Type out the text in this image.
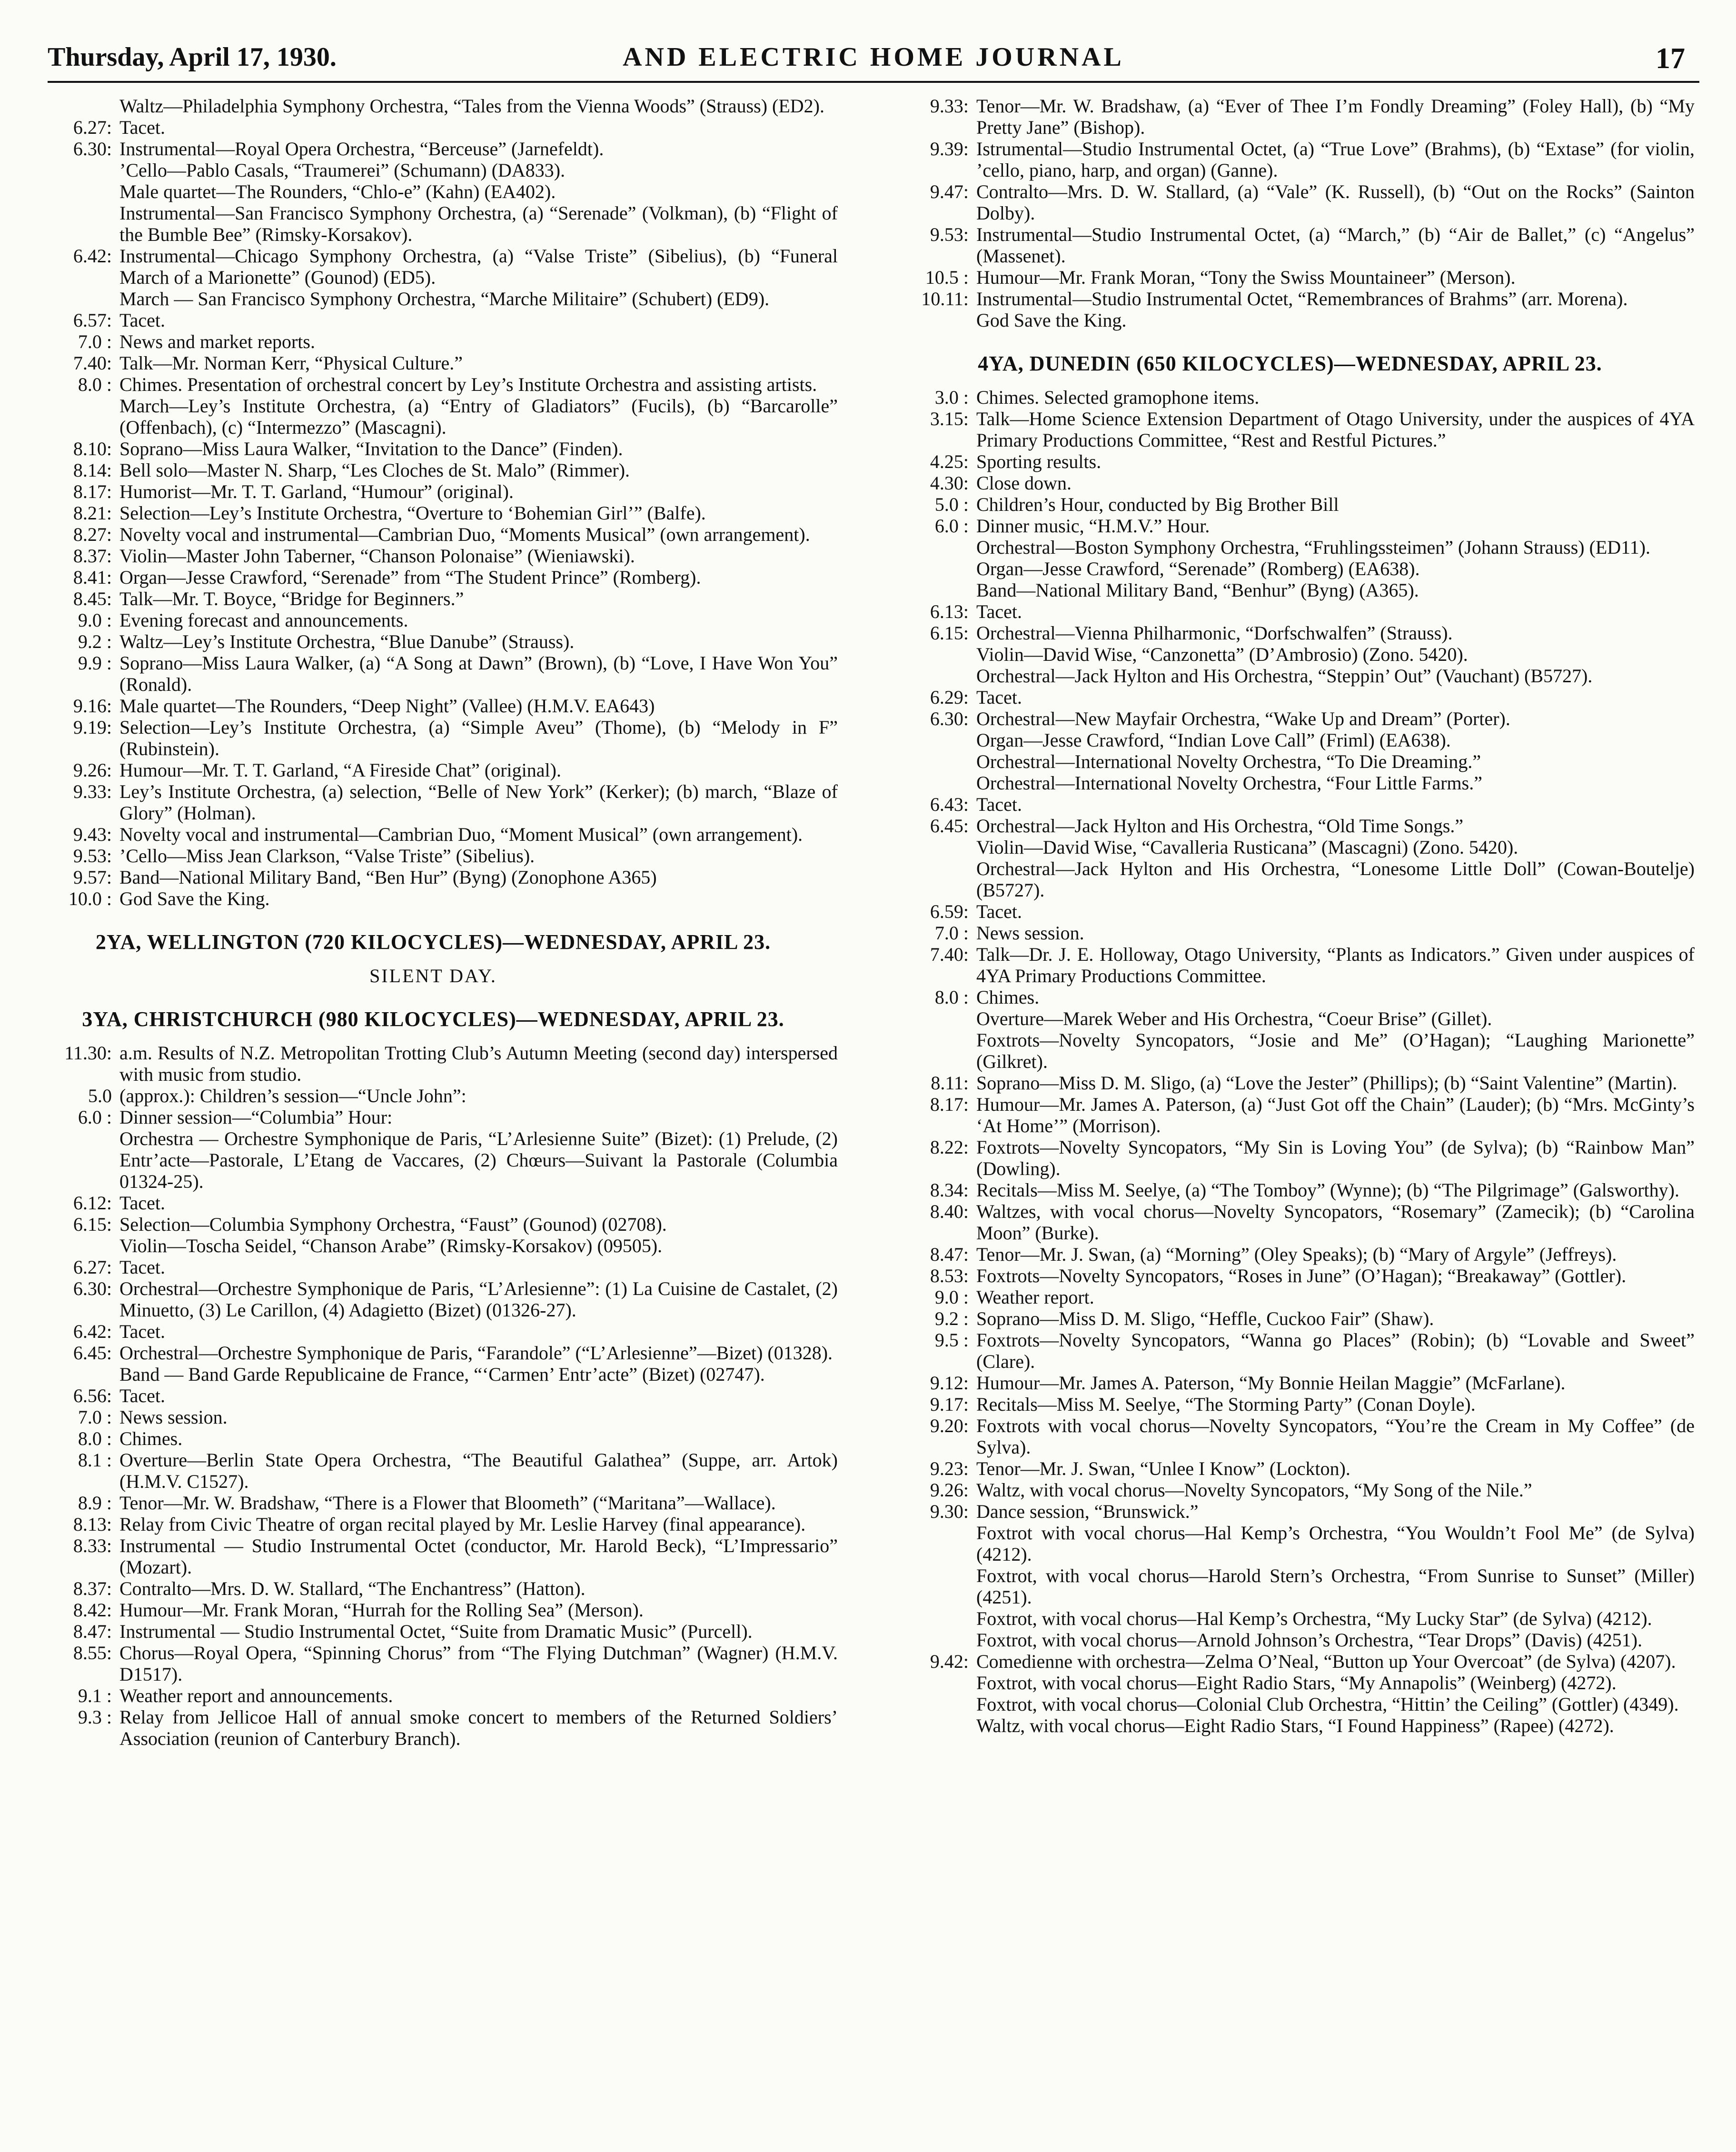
Thursday, April 17, 1930.	AND ELECTRIC HOME JOURNAL	17
Waltz—Philadelphia Symphony Orchestra, “Tales from the Vienna Woods” (Strauss) (ED2).
6.27: Tacet.
6.30: Instrumental—Royal Opera Orchestra, “Berceuse” (Jarnefeldt).
’Cello—Pablo Casals, “Traumerei” (Schumann) (DA833).
Male quartet—The Rounders, “Chlo-e” (Kahn) (EA402).
Instrumental—San Francisco Symphony Orchestra, (a) “Serenade” (Volkman), (b) “Flight of the Bumble Bee” (Rimsky-Korsakov).
6.42: Instrumental—Chicago Symphony Orchestra, (a) “Valse Triste” (Sibelius), (b) “Funeral March of a Marionette” (Gounod) (ED5).
March — San Francisco Symphony Orchestra, “Marche Militaire” (Schubert) (ED9).
6.57: Tacet.
7.0 : News and market reports.
7.40: Talk—Mr. Norman Kerr, “Physical Culture.”
8.0 : Chimes. Presentation of orchestral concert by Ley’s Institute Orchestra and assisting artists.
March—Ley’s Institute Orchestra, (a) “Entry of Gladiators” (Fucils), (b) “Barcarolle” (Offenbach), (c) “Intermezzo” (Mascagni).
8.10: Soprano—Miss Laura Walker, “Invitation to the Dance” (Finden).
8.14: Bell solo—Master N. Sharp, “Les Cloches de St. Malo” (Rimmer).
8.17: Humorist—Mr. T. T. Garland, “Humour” (original).
8.21: Selection—Ley’s Institute Orchestra, “Overture to ‘Bohemian Girl’” (Balfe).
8.27: Novelty vocal and instrumental—Cambrian Duo, “Moments Musical” (own arrangement).
8.37: Violin—Master John Taberner, “Chanson Polonaise” (Wieniawski).
8.41: Organ—Jesse Crawford, “Serenade” from “The Student Prince” (Romberg).
8.45: Talk—Mr. T. Boyce, “Bridge for Beginners.”
9.0 : Evening forecast and announcements.
9.2 : Waltz—Ley’s Institute Orchestra, “Blue Danube” (Strauss).
9.9 : Soprano—Miss Laura Walker, (a) “A Song at Dawn” (Brown), (b) “Love, I Have Won You” (Ronald).
9.16: Male quartet—The Rounders, “Deep Night” (Vallee) (H.M.V. EA643)
9.19: Selection—Ley’s Institute Orchestra, (a) “Simple Aveu” (Thome), (b) “Melody in F” (Rubinstein).
9.26: Humour—Mr. T. T. Garland, “A Fireside Chat” (original).
9.33: Ley’s Institute Orchestra, (a) selection, “Belle of New York” (Kerker); (b) march, “Blaze of Glory” (Holman).
9.43: Novelty vocal and instrumental—Cambrian Duo, “Moment Musical” (own arrangement).
9.53: ’Cello—Miss Jean Clarkson, “Valse Triste” (Sibelius).
9.57: Band—National Military Band, “Ben Hur” (Byng) (Zonophone A365)
10.0 : God Save the King.
2YA, WELLINGTON (720 KILOCYCLES)—WEDNESDAY, APRIL 23.
SILENT DAY.
3YA, CHRISTCHURCH (980 KILOCYCLES)—WEDNESDAY, APRIL 23.
11.30: a.m. Results of N.Z. Metropolitan Trotting Club’s Autumn Meeting (second day) interspersed with music from studio.
5.0 (approx.): Children’s session—“Uncle John”:
6.0 : Dinner session—“Columbia” Hour:
Orchestra — Orchestre Symphonique de Paris, “L’Arlesienne Suite” (Bizet): (1) Prelude, (2) Entr’acte—Pastorale, L’Etang de Vaccares, (2) Chœurs—Suivant la Pastorale (Columbia 01324-25).
6.12: Tacet.
6.15: Selection—Columbia Symphony Orchestra, “Faust” (Gounod) (02708).
Violin—Toscha Seidel, “Chanson Arabe” (Rimsky-Korsakov) (09505).
6.27: Tacet.
6.30: Orchestral—Orchestre Symphonique de Paris, “L’Arlesienne”: (1) La Cuisine de Castalet, (2) Minuetto, (3) Le Carillon, (4) Adagietto (Bizet) (01326-27).
6.42: Tacet.
6.45: Orchestral—Orchestre Symphonique de Paris, “Farandole” (“L’Arlesienne”—Bizet) (01328).
Band — Band Garde Republicaine de France, “‘Carmen’ Entr’acte” (Bizet) (02747).
6.56: Tacet.
7.0 : News session.
8.0 : Chimes.
8.1 : Overture—Berlin State Opera Orchestra, “The Beautiful Galathea” (Suppe, arr. Artok) (H.M.V. C1527).
8.9 : Tenor—Mr. W. Bradshaw, “There is a Flower that Bloometh” (“Maritana”—Wallace).
8.13: Relay from Civic Theatre of organ recital played by Mr. Leslie Harvey (final appearance).
8.33: Instrumental — Studio Instrumental Octet (conductor, Mr. Harold Beck), “L’Impressario” (Mozart).
8.37: Contralto—Mrs. D. W. Stallard, “The Enchantress” (Hatton).
8.42: Humour—Mr. Frank Moran, “Hurrah for the Rolling Sea” (Merson).
8.47: Instrumental — Studio Instrumental Octet, “Suite from Dramatic Music” (Purcell).
8.55: Chorus—Royal Opera, “Spinning Chorus” from “The Flying Dutchman” (Wagner) (H.M.V. D1517).
9.1 : Weather report and announcements.
9.3 : Relay from Jellicoe Hall of annual smoke concert to members of the Returned Soldiers’ Association (reunion of Canterbury Branch).
9.33: Tenor—Mr. W. Bradshaw, (a) “Ever of Thee I’m Fondly Dreaming” (Foley Hall), (b) “My Pretty Jane” (Bishop).
9.39: Istrumental—Studio Instrumental Octet, (a) “True Love” (Brahms), (b) “Extase” (for violin, ’cello, piano, harp, and organ) (Ganne).
9.47: Contralto—Mrs. D. W. Stallard, (a) “Vale” (K. Russell), (b) “Out on the Rocks” (Sainton Dolby).
9.53: Instrumental—Studio Instrumental Octet, (a) “March,” (b) “Air de Ballet,” (c) “Angelus” (Massenet).
10.5 : Humour—Mr. Frank Moran, “Tony the Swiss Mountaineer” (Merson).
10.11: Instrumental—Studio Instrumental Octet, “Remembrances of Brahms” (arr. Morena).
God Save the King.
4YA, DUNEDIN (650 KILOCYCLES)—WEDNESDAY, APRIL 23.
3.0 : Chimes. Selected gramophone items.
3.15: Talk—Home Science Extension Department of Otago University, under the auspices of 4YA Primary Productions Committee, “Rest and Restful Pictures.”
4.25: Sporting results.
4.30: Close down.
5.0 : Children’s Hour, conducted by Big Brother Bill
6.0 : Dinner music, “H.M.V.” Hour.
Orchestral—Boston Symphony Orchestra, “Fruhlingssteimen” (Johann Strauss) (ED11).
Organ—Jesse Crawford, “Serenade” (Romberg) (EA638).
Band—National Military Band, “Benhur” (Byng) (A365).
6.13: Tacet.
6.15: Orchestral—Vienna Philharmonic, “Dorfschwalfen” (Strauss).
Violin—David Wise, “Canzonetta” (D’Ambrosio) (Zono. 5420).
Orchestral—Jack Hylton and His Orchestra, “Steppin’ Out” (Vauchant) (B5727).
6.29: Tacet.
6.30: Orchestral—New Mayfair Orchestra, “Wake Up and Dream” (Porter).
Organ—Jesse Crawford, “Indian Love Call” (Friml) (EA638).
Orchestral—International Novelty Orchestra, “To Die Dreaming.”
Orchestral—International Novelty Orchestra, “Four Little Farms.”
6.43: Tacet.
6.45: Orchestral—Jack Hylton and His Orchestra, “Old Time Songs.”
Violin—David Wise, “Cavalleria Rusticana” (Mascagni) (Zono. 5420).
Orchestral—Jack Hylton and His Orchestra, “Lonesome Little Doll” (Cowan-Boutelje) (B5727).
6.59: Tacet.
7.0 : News session.
7.40: Talk—Dr. J. E. Holloway, Otago University, “Plants as Indicators.” Given under auspices of 4YA Primary Productions Committee.
8.0 : Chimes.
Overture—Marek Weber and His Orchestra, “Coeur Brise” (Gillet).
Foxtrots—Novelty Syncopators, “Josie and Me” (O’Hagan); “Laughing Marionette” (Gilkret).
8.11: Soprano—Miss D. M. Sligo, (a) “Love the Jester” (Phillips); (b) “Saint Valentine” (Martin).
8.17: Humour—Mr. James A. Paterson, (a) “Just Got off the Chain” (Lauder); (b) “Mrs. McGinty’s ‘At Home’” (Morrison).
8.22: Foxtrots—Novelty Syncopators, “My Sin is Loving You” (de Sylva); (b) “Rainbow Man” (Dowling).
8.34: Recitals—Miss M. Seelye, (a) “The Tomboy” (Wynne); (b) “The Pilgrimage” (Galsworthy).
8.40: Waltzes, with vocal chorus—Novelty Syncopators, “Rosemary” (Zamecik); (b) “Carolina Moon” (Burke).
8.47: Tenor—Mr. J. Swan, (a) “Morning” (Oley Speaks); (b) “Mary of Argyle” (Jeffreys).
8.53: Foxtrots—Novelty Syncopators, “Roses in June” (O’Hagan); “Breakaway” (Gottler).
9.0 : Weather report.
9.2 : Soprano—Miss D. M. Sligo, “Heffle, Cuckoo Fair” (Shaw).
9.5 : Foxtrots—Novelty Syncopators, “Wanna go Places” (Robin); (b) “Lovable and Sweet” (Clare).
9.12: Humour—Mr. James A. Paterson, “My Bonnie Heilan Maggie” (McFarlane).
9.17: Recitals—Miss M. Seelye, “The Storming Party” (Conan Doyle).
9.20: Foxtrots with vocal chorus—Novelty Syncopators, “You’re the Cream in My Coffee” (de Sylva).
9.23: Tenor—Mr. J. Swan, “Unlee I Know” (Lockton).
9.26: Waltz, with vocal chorus—Novelty Syncopators, “My Song of the Nile.”
9.30: Dance session, “Brunswick.”
Foxtrot with vocal chorus—Hal Kemp’s Orchestra, “You Wouldn’t Fool Me” (de Sylva) (4212).
Foxtrot, with vocal chorus—Harold Stern’s Orchestra, “From Sunrise to Sunset” (Miller) (4251).
Foxtrot, with vocal chorus—Hal Kemp’s Orchestra, “My Lucky Star” (de Sylva) (4212).
Foxtrot, with vocal chorus—Arnold Johnson’s Orchestra, “Tear Drops” (Davis) (4251).
9.42: Comedienne with orchestra—Zelma O’Neal, “Button up Your Overcoat” (de Sylva) (4207).
Foxtrot, with vocal chorus—Eight Radio Stars, “My Annapolis” (Weinberg) (4272).
Foxtrot, with vocal chorus—Colonial Club Orchestra, “Hittin’ the Ceiling” (Gottler) (4349).
Waltz, with vocal chorus—Eight Radio Stars, “I Found Happiness” (Rapee) (4272).
